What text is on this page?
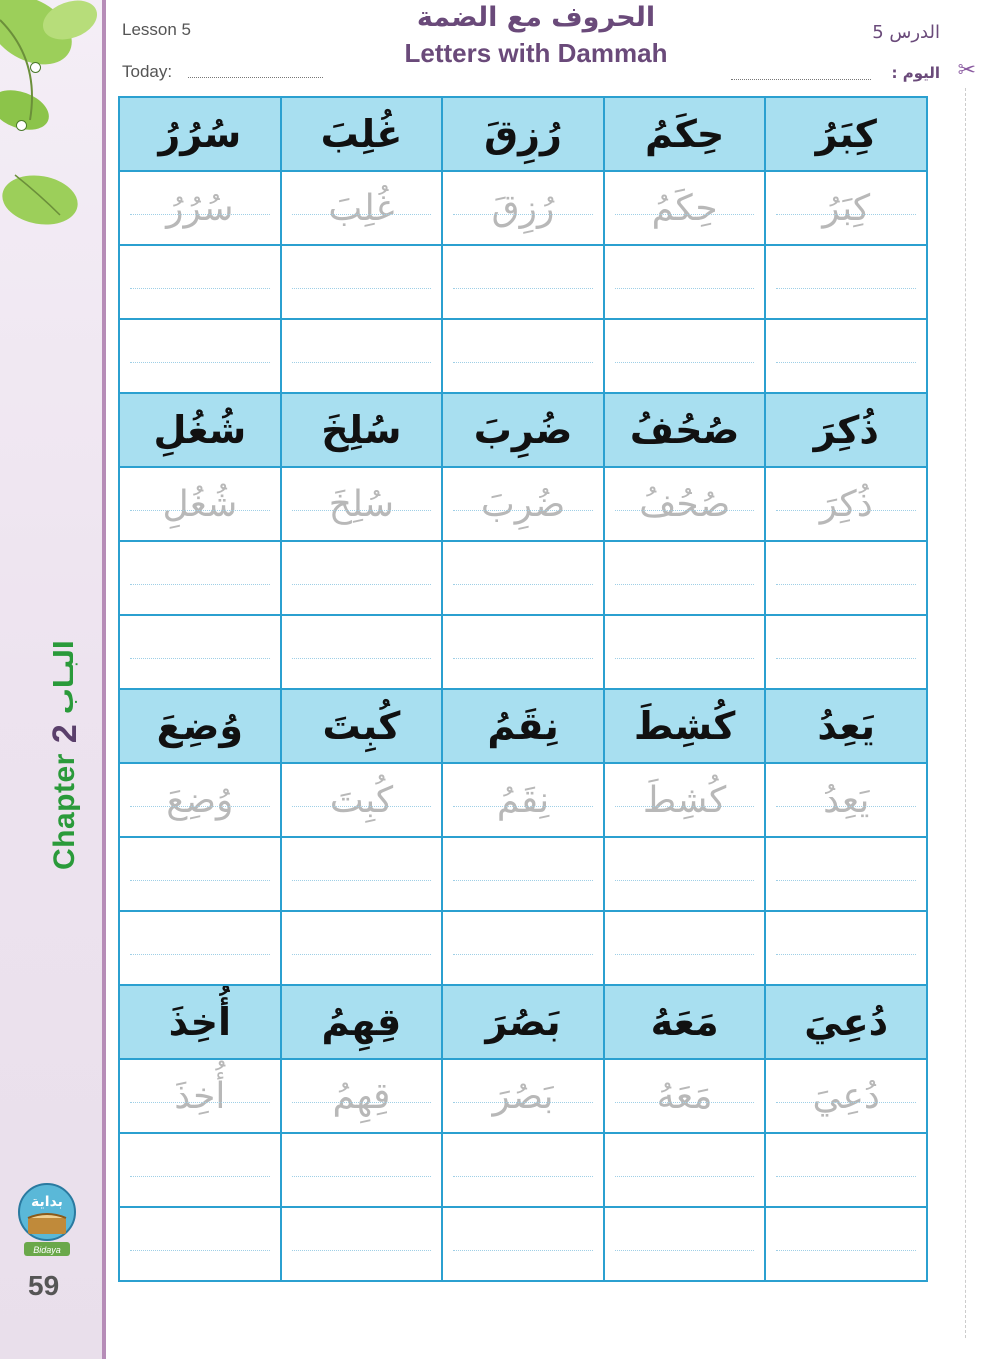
Chapter
2
البـاب
بداية
Bidaya
59
Lesson 5
Today:
الحروف مع الضمة
Letters with Dammah
الدرس 5
اليوم : ✂
كِبَرُ
كِبَرُ
حِكَمُ
حِكَمُ
رُزِقَ
رُزِقَ
غُلِبَ
غُلِبَ
سُرُرُ
سُرُرُ
ذُكِرَ
ذُكِرَ
صُحُفُ
صُحُفُ
ضُرِبَ
ضُرِبَ
سُلِخَ
سُلِخَ
شُغُلِ
شُغُلِ
يَعِدُ
يَعِدُ
كُشِطَ
كُشِطَ
نِقَمُ
نِقَمُ
كُبِتَ
كُبِتَ
وُضِعَ
وُضِعَ
دُعِيَ
دُعِيَ
مَعَهُ
مَعَهُ
بَصُرَ
بَصُرَ
قِهِمُ
قِهِمُ
أُخِذَ
أُخِذَ
